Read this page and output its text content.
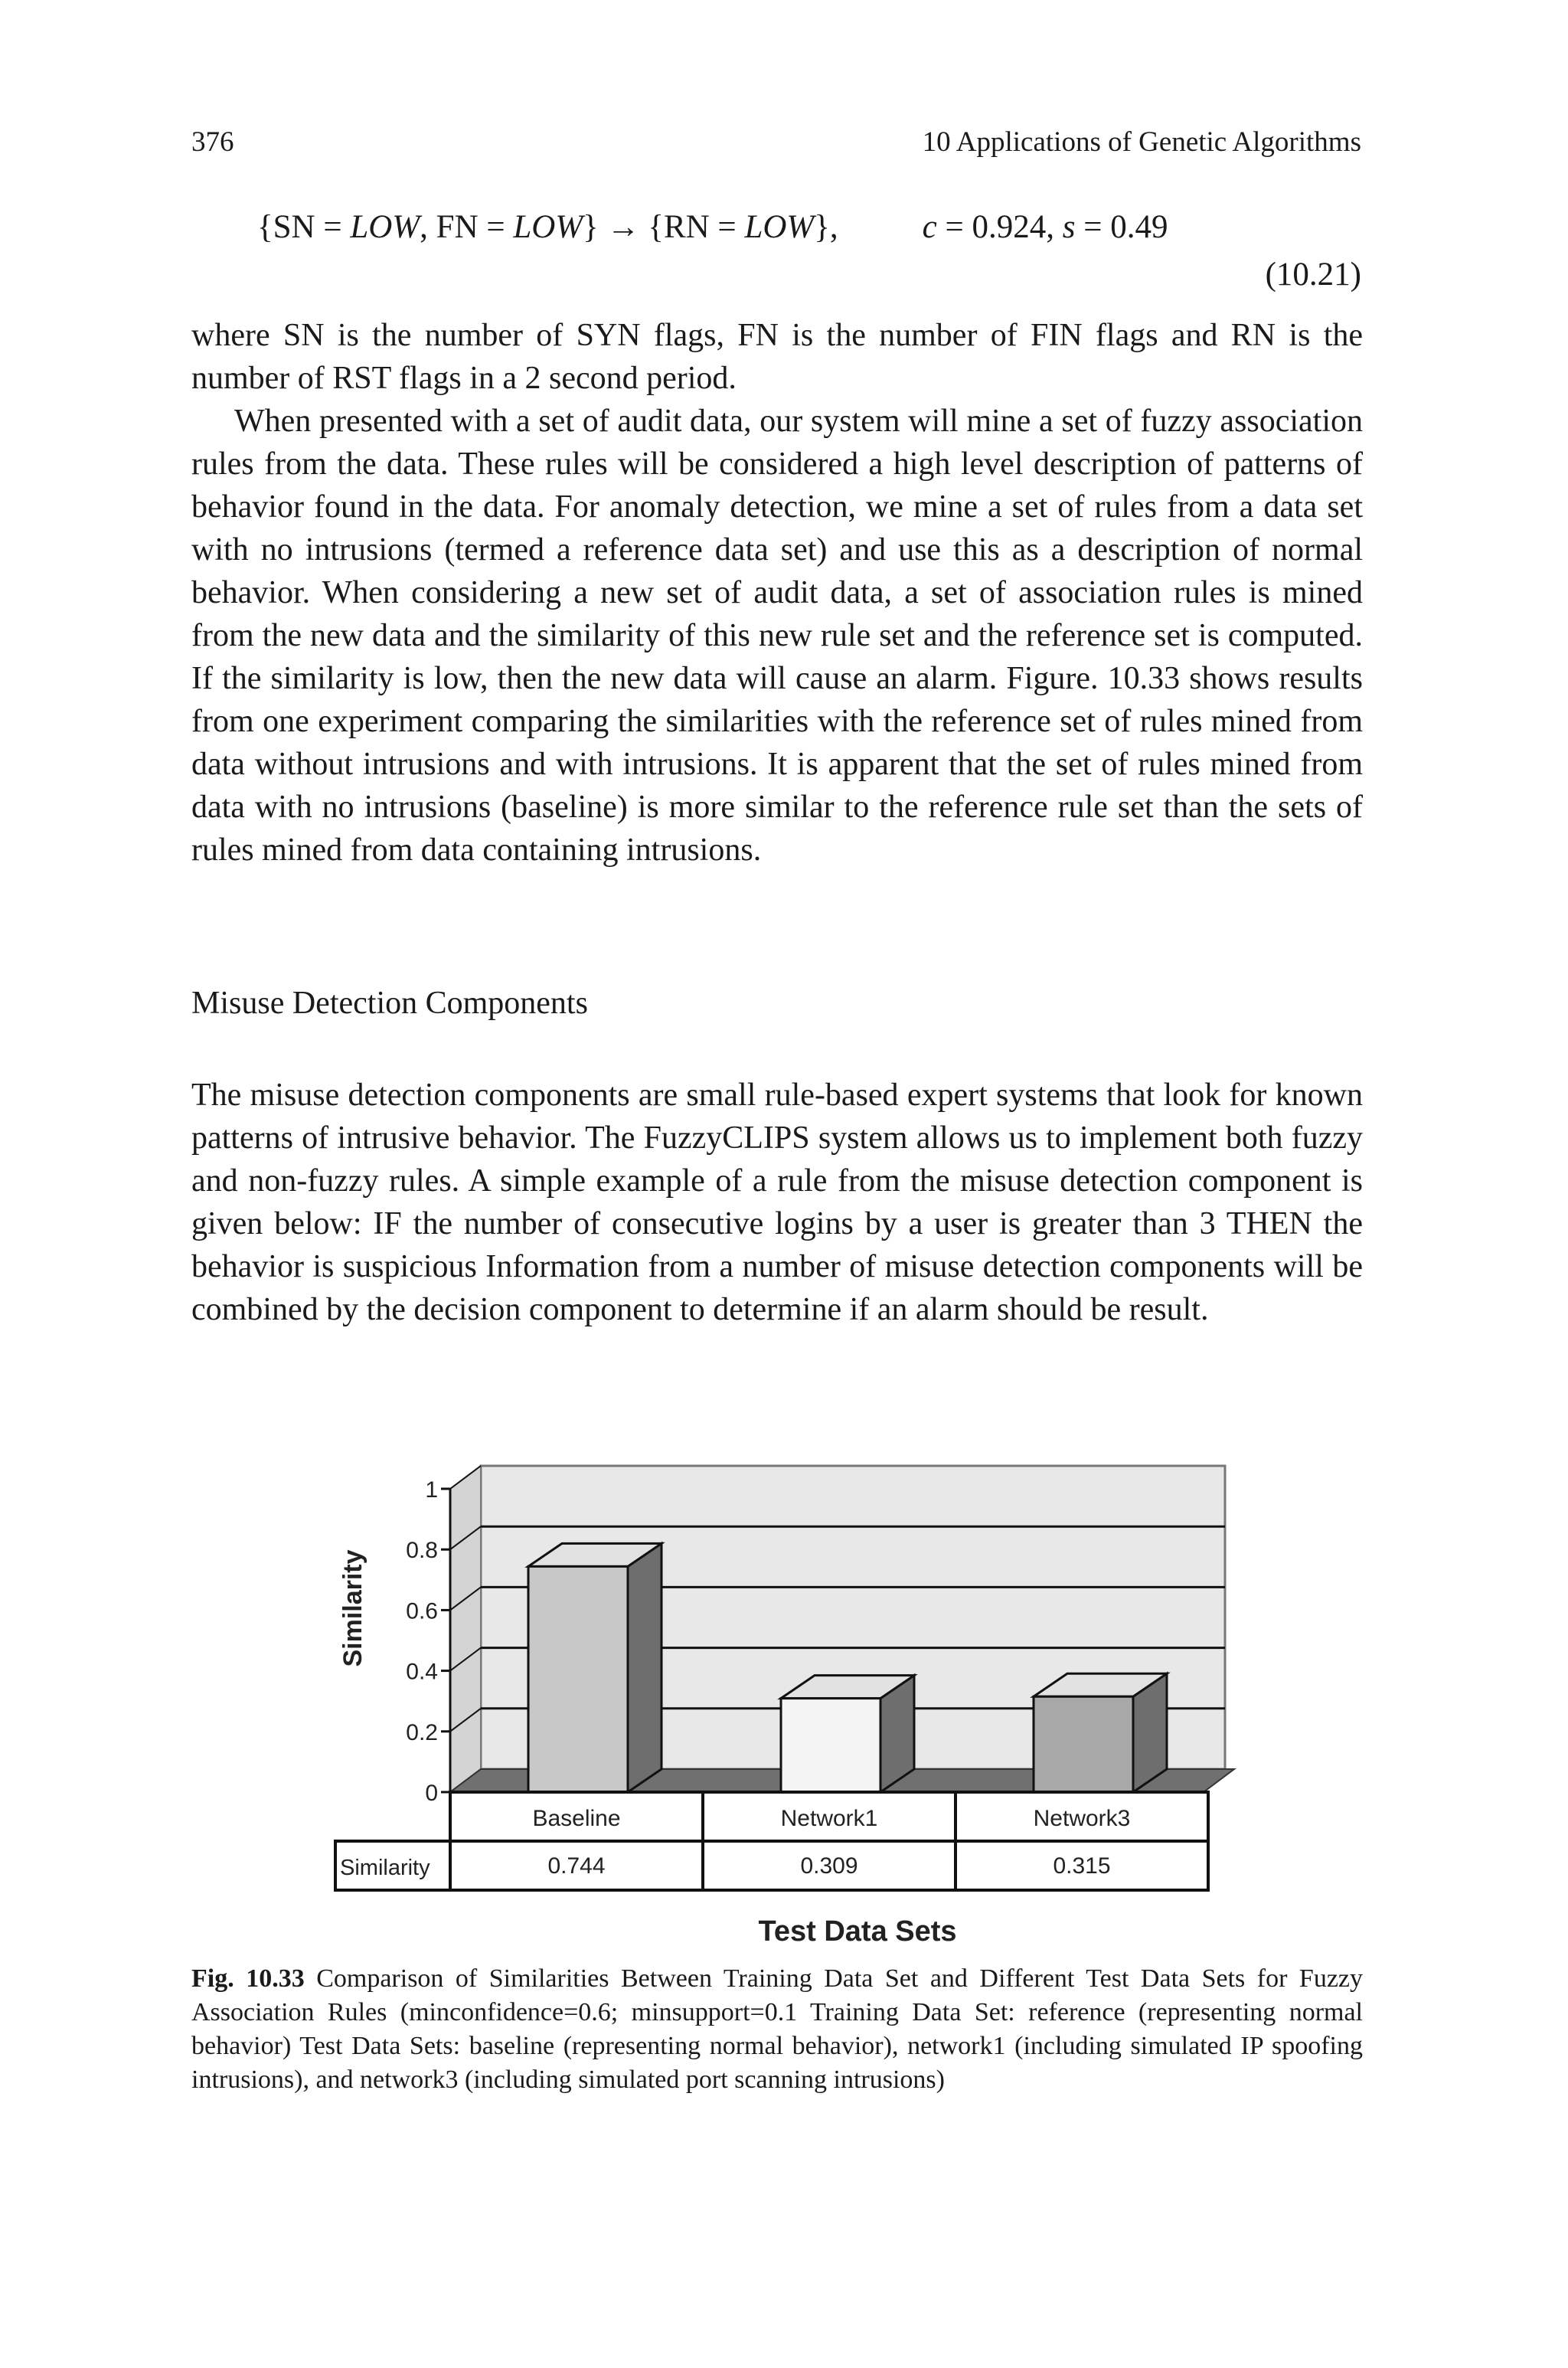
376	10 Applications of Genetic Algorithms
{SN = LOW, FN = LOW} → {RN = LOW},	c = 0.924, s = 0.49
(10.21)

where SN is the number of SYN flags, FN is the number of FIN flags and RN is the number of RST flags in a 2 second period.

When presented with a set of audit data, our system will mine a set of fuzzy association rules from the data. These rules will be considered a high level description of patterns of behavior found in the data. For anomaly detection, we mine a set of rules from a data set with no intrusions (termed a reference data set) and use this as a description of normal behavior. When considering a new set of audit data, a set of association rules is mined from the new data and the similarity of this new rule set and the reference set is computed. If the similarity is low, then the new data will cause an alarm. Figure. 10.33 shows results from one experiment comparing the similarities with the reference set of rules mined from data without intrusions and with intrusions. It is apparent that the set of rules mined from data with no intrusions (baseline) is more similar to the reference rule set than the sets of rules mined from data containing intrusions.

Misuse Detection Components

The misuse detection components are small rule-based expert systems that look for known patterns of intrusive behavior. The FuzzyCLIPS system allows us to implement both fuzzy and non-fuzzy rules. A simple example of a rule from the misuse detection component is given below: IF the number of consecutive logins by a user is greater than 3 THEN the behavior is suspicious Information from a number of misuse detection components will be combined by the decision component to determine if an alarm should be result.

0
0.2
0.4
0.6
0.8
1
Baseline
0.744
Network1
0.309
Network3
0.315
Similarity
Similarity
Test Data Sets
Fig. 10.33 Comparison of Similarities Between Training Data Set and Different Test Data Sets for Fuzzy Association Rules (minconfidence=0.6; minsupport=0.1 Training Data Set: reference (representing normal behavior) Test Data Sets: baseline (representing normal behavior), network1 (including simulated IP spoofing intrusions), and network3 (including simulated port scanning intrusions)
